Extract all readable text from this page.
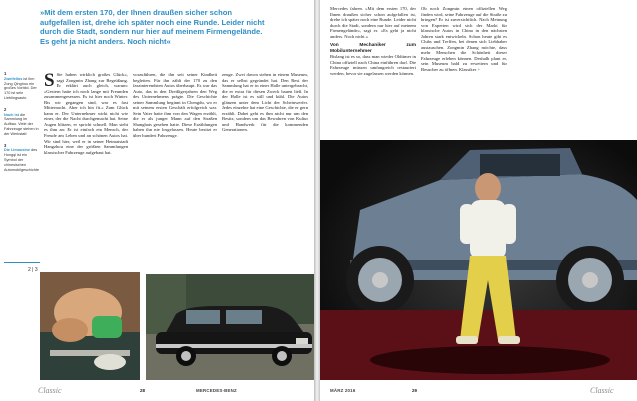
»Mit dem ersten 170, der Ihnen draußen sicher schon aufgefallen ist, drehe ich später noch eine Runde. Leider nicht durch die Stadt, sondern nur hier auf meinem Firmengelände. Es geht ja nicht anders. Noch nicht«
1
Zweifellos ist ihm Zong Qinghou ein großes Vorbild. Der 170 ist sein Lieblingsauto
2
Noch ist die Sammlung im Aufbau. Viele der Fahrzeuge stehen in der Werkstatt
3
Die Limousine des Hongqi ist ein Symbol der chinesischen Automobilgeschichte
2 | 3

S Sie haben wirklich großes Glück«, sagt Zongmin Zhang zur Begrüßung. Er erklärt auch gleich, warum: »Gestern hatte ich noch lange mit Freunden zusammengesessen. Es ist hier noch Winter. Bis wir gegangen sind, war es fast Mitternacht. Aber ich bin fit.« Zum Glück kann er. Der Unternehmer wirkt nicht wie einer, der die Nacht durchgemacht hat. Seine Augen blitzen, er spricht schnell. Man sieht es ihm an: Er ist einfach ein Mensch, der Freude am Leben und an schönen Autos hat. Wir sind hier, weil er in seiner Heimatstadt Hangzhou eine der größten Sammlungen klassischer Fahrzeuge aufgebaut hat.

vorzuführen, die ihn seit seiner Kindheit begleiten. Für ihn zählt der 170 zu den faszinierendsten Autos überhaupt. Es war das Auto, das in den Dreißigerjahren den Weg des Unternehmens prägte. Die Geschichte seiner Sammlung beginnt in Chengdu, wo er mit seinem ersten Geschäft erfolgreich war. Sein Vater hatte ihm von den Wagen erzählt, die er als junger Mann auf den Straßen Shanghais gesehen hatte. Diese Erzählungen haben ihn nie losgelassen. Heute besitzt er über hundert Fahrzeuge.

zeuge. Zwei davon stehen in einem Museum, das er selbst gegründet hat. Den Rest der Sammlung hat er in einer Halle untergebracht, die er extra für diesen Zweck bauen ließ. In der Halle ist es still und kühl. Die Autos glänzen unter dem Licht der Scheinwerfer. Jedes einzelne hat eine Geschichte, die er gern erzählt. Dabei geht es ihm nicht nur um den Besitz, sondern um das Bewahren von Kultur und Handwerk für die kommenden Generationen.

Mercedes fahren. »Mit dem ersten 170, der Ihnen draußen sicher schon aufgefallen ist, drehe ich später noch eine Runde. Leider nicht durch die Stadt, sondern nur hier auf meinem Firmengelände«, sagt er. »Es geht ja nicht anders. Noch nicht.«

Von Mechaniker zum Mobilunternehmer

Bislang ist es so, dass man wieder Oldtimer in China offiziell nach China einführen darf. Die Fahrzeuge müssen umfangreich restauriert werden, bevor sie zugelassen werden können.

Ob noch Zongmin einen offiziellen Weg finden wird, seine Fahrzeuge auf die Straße zu bringen? Er ist zuversichtlich. Nach Meinung von Experten wird sich der Markt für klassische Autos in China in den nächsten Jahren stark entwickeln. Schon heute gibt es Clubs und Treffen, bei denen sich Liebhaber austauschen. Zongmin Zhang möchte, dass mehr Menschen die Schönheit dieser Fahrzeuge erleben können. Deshalb plant er, sein Museum bald zu erweitern und für Besucher zu öffnen. Klassiker +

Classic	28	MERCEDES-BENZ	MÄRZ 2016	29	Classic
